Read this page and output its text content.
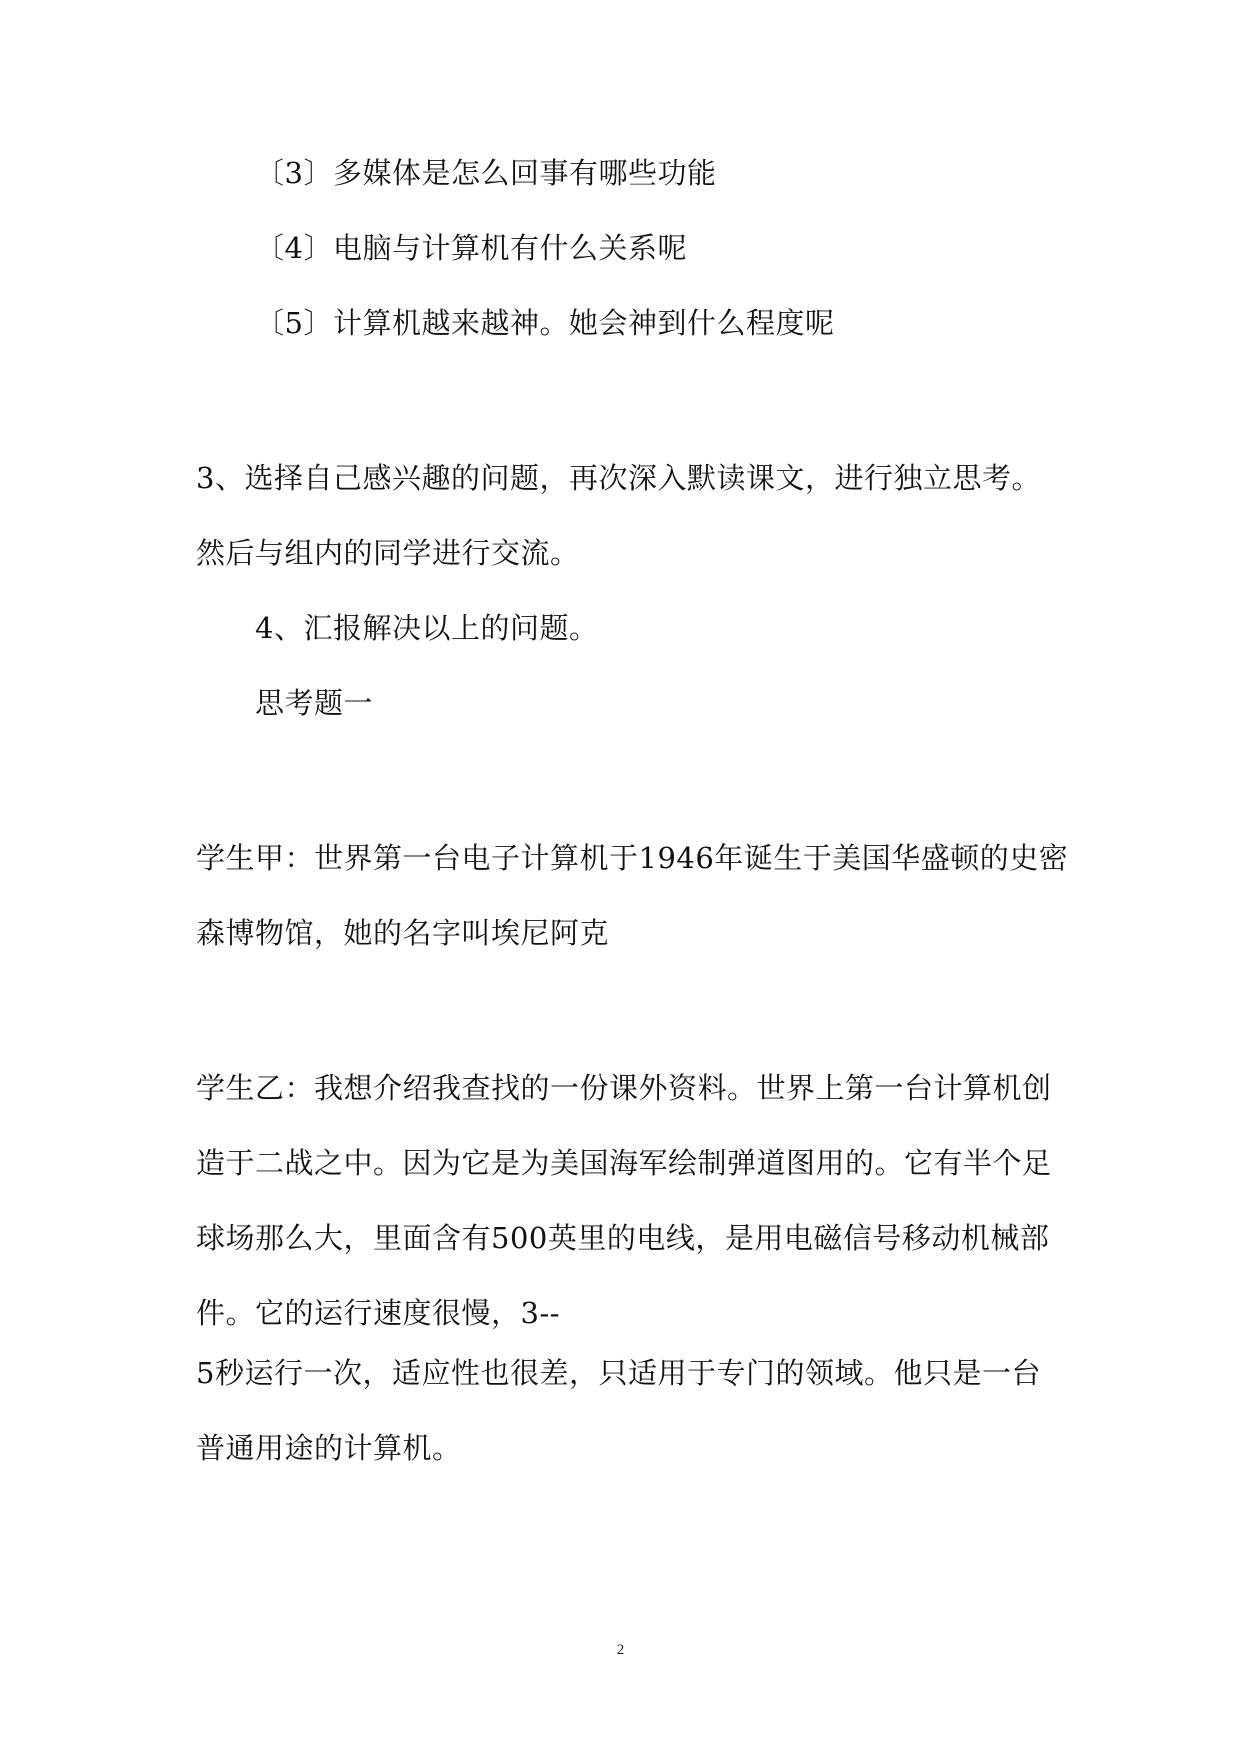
〔3〕多媒体是怎么回事有哪些功能
〔4〕电脑与计算机有什么关系呢
〔5〕计算机越来越神。她会神到什么程度呢
3、选择自己感兴趣的问题，再次深入默读课文，进行独立思考。
然后与组内的同学进行交流。
4、汇报解决以上的问题。
思考题一
学生甲：世界第一台电子计算机于1946年诞生于美国华盛顿的史密
森博物馆，她的名字叫埃尼阿克
学生乙：我想介绍我查找的一份课外资料。世界上第一台计算机创
造于二战之中。因为它是为美国海军绘制弹道图用的。它有半个足
球场那么大，里面含有500英里的电线，是用电磁信号移动机械部
件。它的运行速度很慢，3--
5秒运行一次，适应性也很差，只适用于专门的领域。他只是一台
普通用途的计算机。
2
